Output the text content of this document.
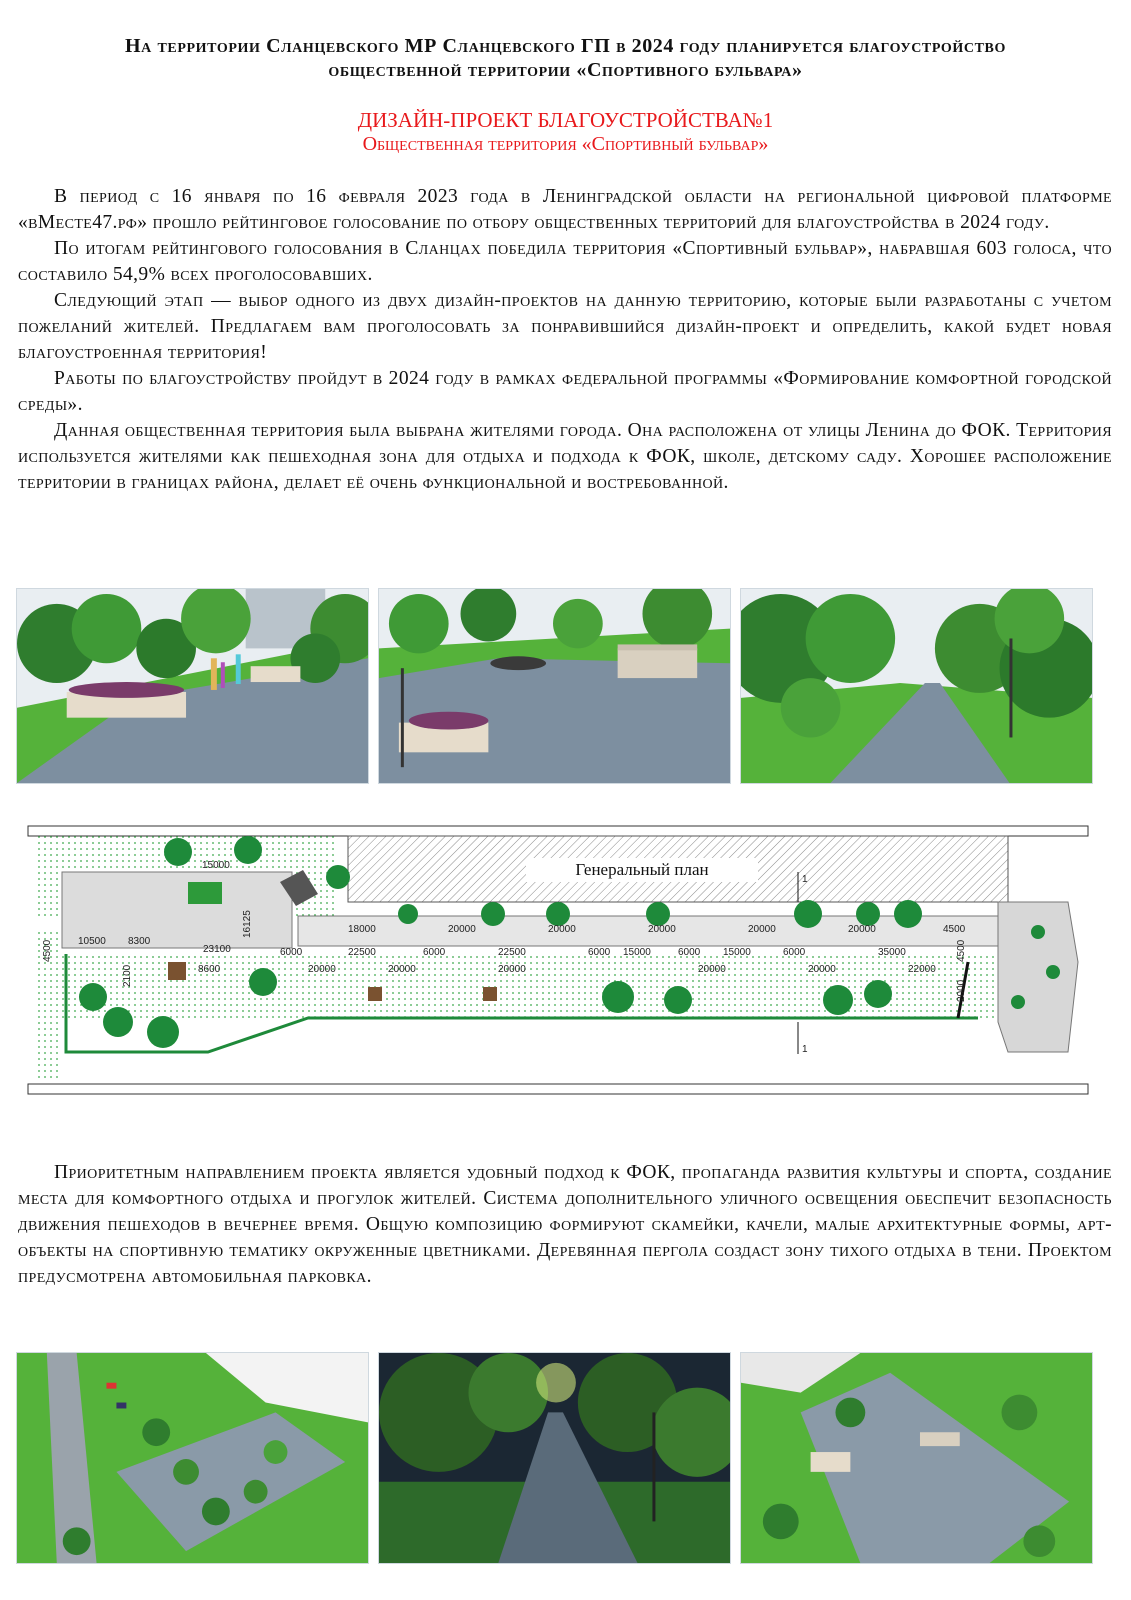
На территории Сланцевского МР Сланцевского ГП в 2024 году планируется благоустройство
общественной территории «Спортивного бульвара»
ДИЗАЙН-ПРОЕКТ БЛАГОУСТРОЙСТВА№1
Общественная территория «Спортивный бульвар»

В период с 16 января по 16 февраля 2023 года в Ленинградской области на региональной цифровой платформе «вМесте47.рф» прошло рейтинговое голосование по отбору общественных территорий для благоустройства в 2024 году.

По итогам рейтингового голосования в Сланцах победила территория «Спортивный бульвар», набравшая 603 голоса, что составило 54,9% всех проголосовавших.

Следующий этап — выбор одного из двух дизайн-проектов на данную территорию, которые были разработаны с учетом пожеланий жителей. Предлагаем вам проголосовать за понравившийся дизайн-проект и определить, какой будет новая благоустроенная территория!

Работы по благоустройству пройдут в 2024 году в рамках федеральной программы «Формирование комфортной городской среды».

Данная общественная территория была выбрана жителями города. Она расположена от улицы Ленина до ФОК. Территория используется жителями как пешеходная зона для отдыха и подхода к ФОК, школе, детскому саду. Хорошее расположение территории в границах района, делает её очень функциональной и востребованной.

15000
18000	20000	20000	20000	20000	20000	4500
10500 8300
23100
16125
6000	22500	6000	22500	6000 15000	6000 15000	6000	35000
8600	20000	20000	20000	20000	20000	22000
2100
2000
4500	4500
1
1
Генеральный план

Приоритетным направлением проекта является удобный подход к ФОК, пропаганда развития культуры и спорта, создание места для комфортного отдыха и прогулок жителей. Система дополнительного уличного освещения обеспечит безопасность движения пешеходов в вечернее время. Общую композицию формируют скамейки, качели, малые архитектурные формы, арт-объекты на спортивную тематику окруженные цветниками. Деревянная пергола создаст зону тихого отдыха в тени. Проектом предусмотрена автомобильная парковка.
